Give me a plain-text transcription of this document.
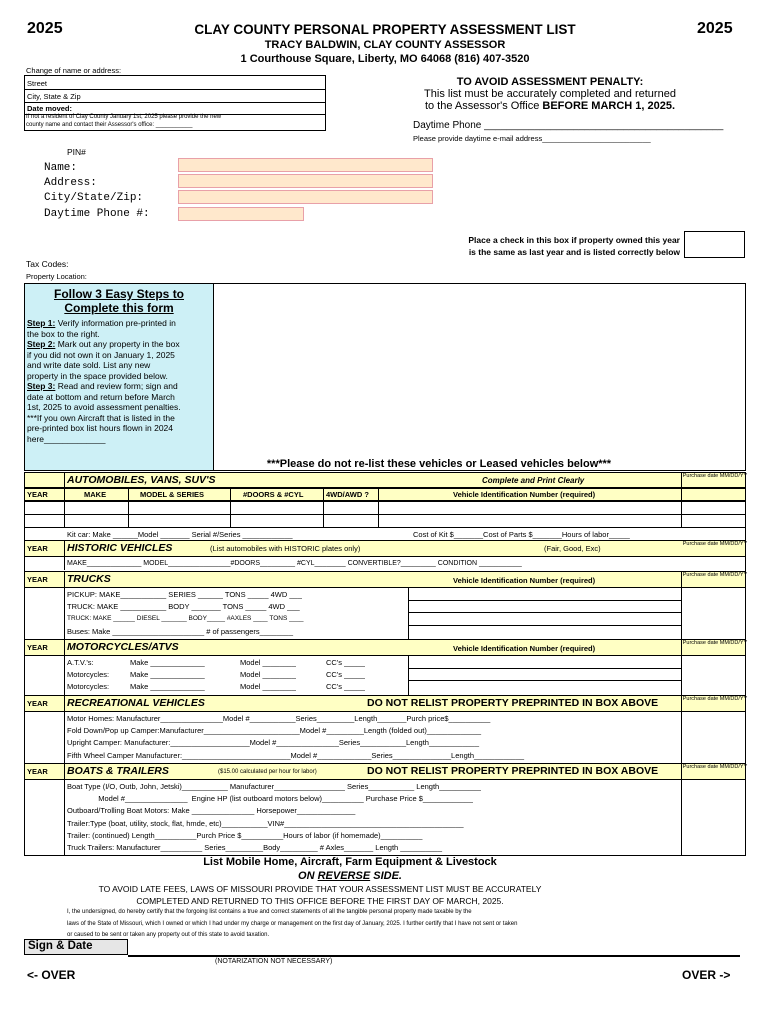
2025	2025
CLAY COUNTY PERSONAL PROPERTY ASSESSMENT LIST
TRACY BALDWIN, CLAY COUNTY ASSESSOR
1 Courthouse Square, Liberty, MO 64068 (816) 407-3520
Change of name or address:
Street
City, State & Zip
Date moved:
If not a resident of Clay County January 1st, 2025 please provide the new
county name and contact their Assessor's office: ___________
TO AVOID ASSESSMENT PENALTY:
This list must be accurately completed and returned
to the Assessor's Office BEFORE MARCH 1, 2025.
Daytime Phone ___________________________________________
Please provide daytime e-mail address__________________________
PIN#
Name:
Address:
City/State/Zip:
Daytime Phone #:
Place a check in this box if property owned this year
is the same as last year and is listed correctly below
Tax Codes:
Property Location:
Follow 3 Easy Steps to
Complete this form
Step 1: Verify information pre-printed in
the box to the right.
Step 2: Mark out any property in the box
if you did not own it on January 1, 2025
and write date sold. List any new
property in the space provided below.
Step 3: Read and review form; sign and
date at bottom and return before March
1st, 2025 to avoid assessment penalties.
***If you own Aircraft that is listed in the
pre-printed box list hours flown in 2024
here_____________
***Please do not re-list these vehicles or Leased vehicles below***
AUTOMOBILES, VANS, SUV'S	Complete and Print Clearly	Purchase date MM/DD/YY
YEAR	MAKE	MODEL & SERIES	#DOORS & #CYL	4WD/AWD ?	Vehicle Identification Number (required)
Kit car: Make ______Model _______ Serial #/Series ____________	Cost of Kit $_______Cost of Parts $_______Hours of labor_____
YEAR HISTORIC VEHICLES	(List automobiles with HISTORIC plates only)	(Fair, Good, Exc)	Purchase date MM/DD/YY
MAKE______________ MODEL________________#DOORS_________ #CYL________ CONVERTIBLE?_________ CONDITION ___________
YEAR TRUCKS	Vehicle Identification Number (required)
Purchase date MM/DD/YY
PICKUP: MAKE___________ SERIES ______ TONS _____ 4WD ___
TRUCK: MAKE ___________ BODY _______ TONS _____ 4WD ___
TRUCK: MAKE ______ DIESEL _______ BODY_____ #AXLES ____ TONS ____
Buses: Make ______________________ # of passengers________
YEAR MOTORCYCLES/ATVS	Vehicle Identification Number (required)
Purchase date MM/DD/YY
A.T.V.'s:	Make _____________	Model ________	CC's _____
Motorcycles:	Make _____________	Model ________	CC's _____
Motorcycles:	Make _____________	Model ________	CC's _____
YEAR RECREATIONAL VEHICLES	DO NOT RELIST PROPERTY PREPRINTED IN BOX ABOVE	Purchase date MM/DD/YY
Motor Homes: Manufacturer_______________Model #___________Series_________Length_______Purch price$__________
Fold Down/Pop up Camper:Manufacturer_______________________Model #_________Length (folded out)_____________
Upright Camper: Manufacturer:___________________Model #_______________Series___________Length____________
Fifth Wheel Camper Manufacturer:__________________________Model #_____________Series______________Length____________
YEAR BOATS & TRAILERS	($15.00 calculated per hour for labor)	DO NOT RELIST PROPERTY PREPRINTED IN BOX ABOVE	Purchase date MM/DD/YY
Boat Type (I/O, Outb, John, Jetski)___________ Manufacturer_________________ Series___________ Length__________
Model #_______________  Engine HP (list outboard motors below)__________ Purchase Price $____________
Outboard/Trolling Boat Motors: Make _______________ Horsepower______________
Trailer:Type (boat, utility, stock, flat, hmde, etc)___________VIN#___________________________________________
Trailer: (continued) Length__________Purch Price $__________Hours of labor (if homemade)__________
Truck Trailers: Manufacturer__________ Series_________Body_________ # Axles_______ Length __________
List Mobile Home, Aircraft, Farm Equipment & Livestock
ON REVERSE SIDE.
TO AVOID LATE FEES, LAWS OF MISSOURI PROVIDE THAT YOUR ASSESSMENT LIST MUST BE ACCURATELY
COMPLETED AND RETURNED TO THIS OFFICE BEFORE THE FIRST DAY OF MARCH, 2025.
I, the undersigned, do hereby certify that the forgoing list contains a true and correct statements of all the tangible personal property made taxable by the
laws of the State of Missouri, which I owned or which I had under my charge or management on the first day of January, 2025. I further certify that I have not sent or taken
or caused to be sent or taken any property out of this state to avoid taxation.
Sign & Date
(NOTARIZATION NOT NECESSARY)
<- OVER	OVER ->
